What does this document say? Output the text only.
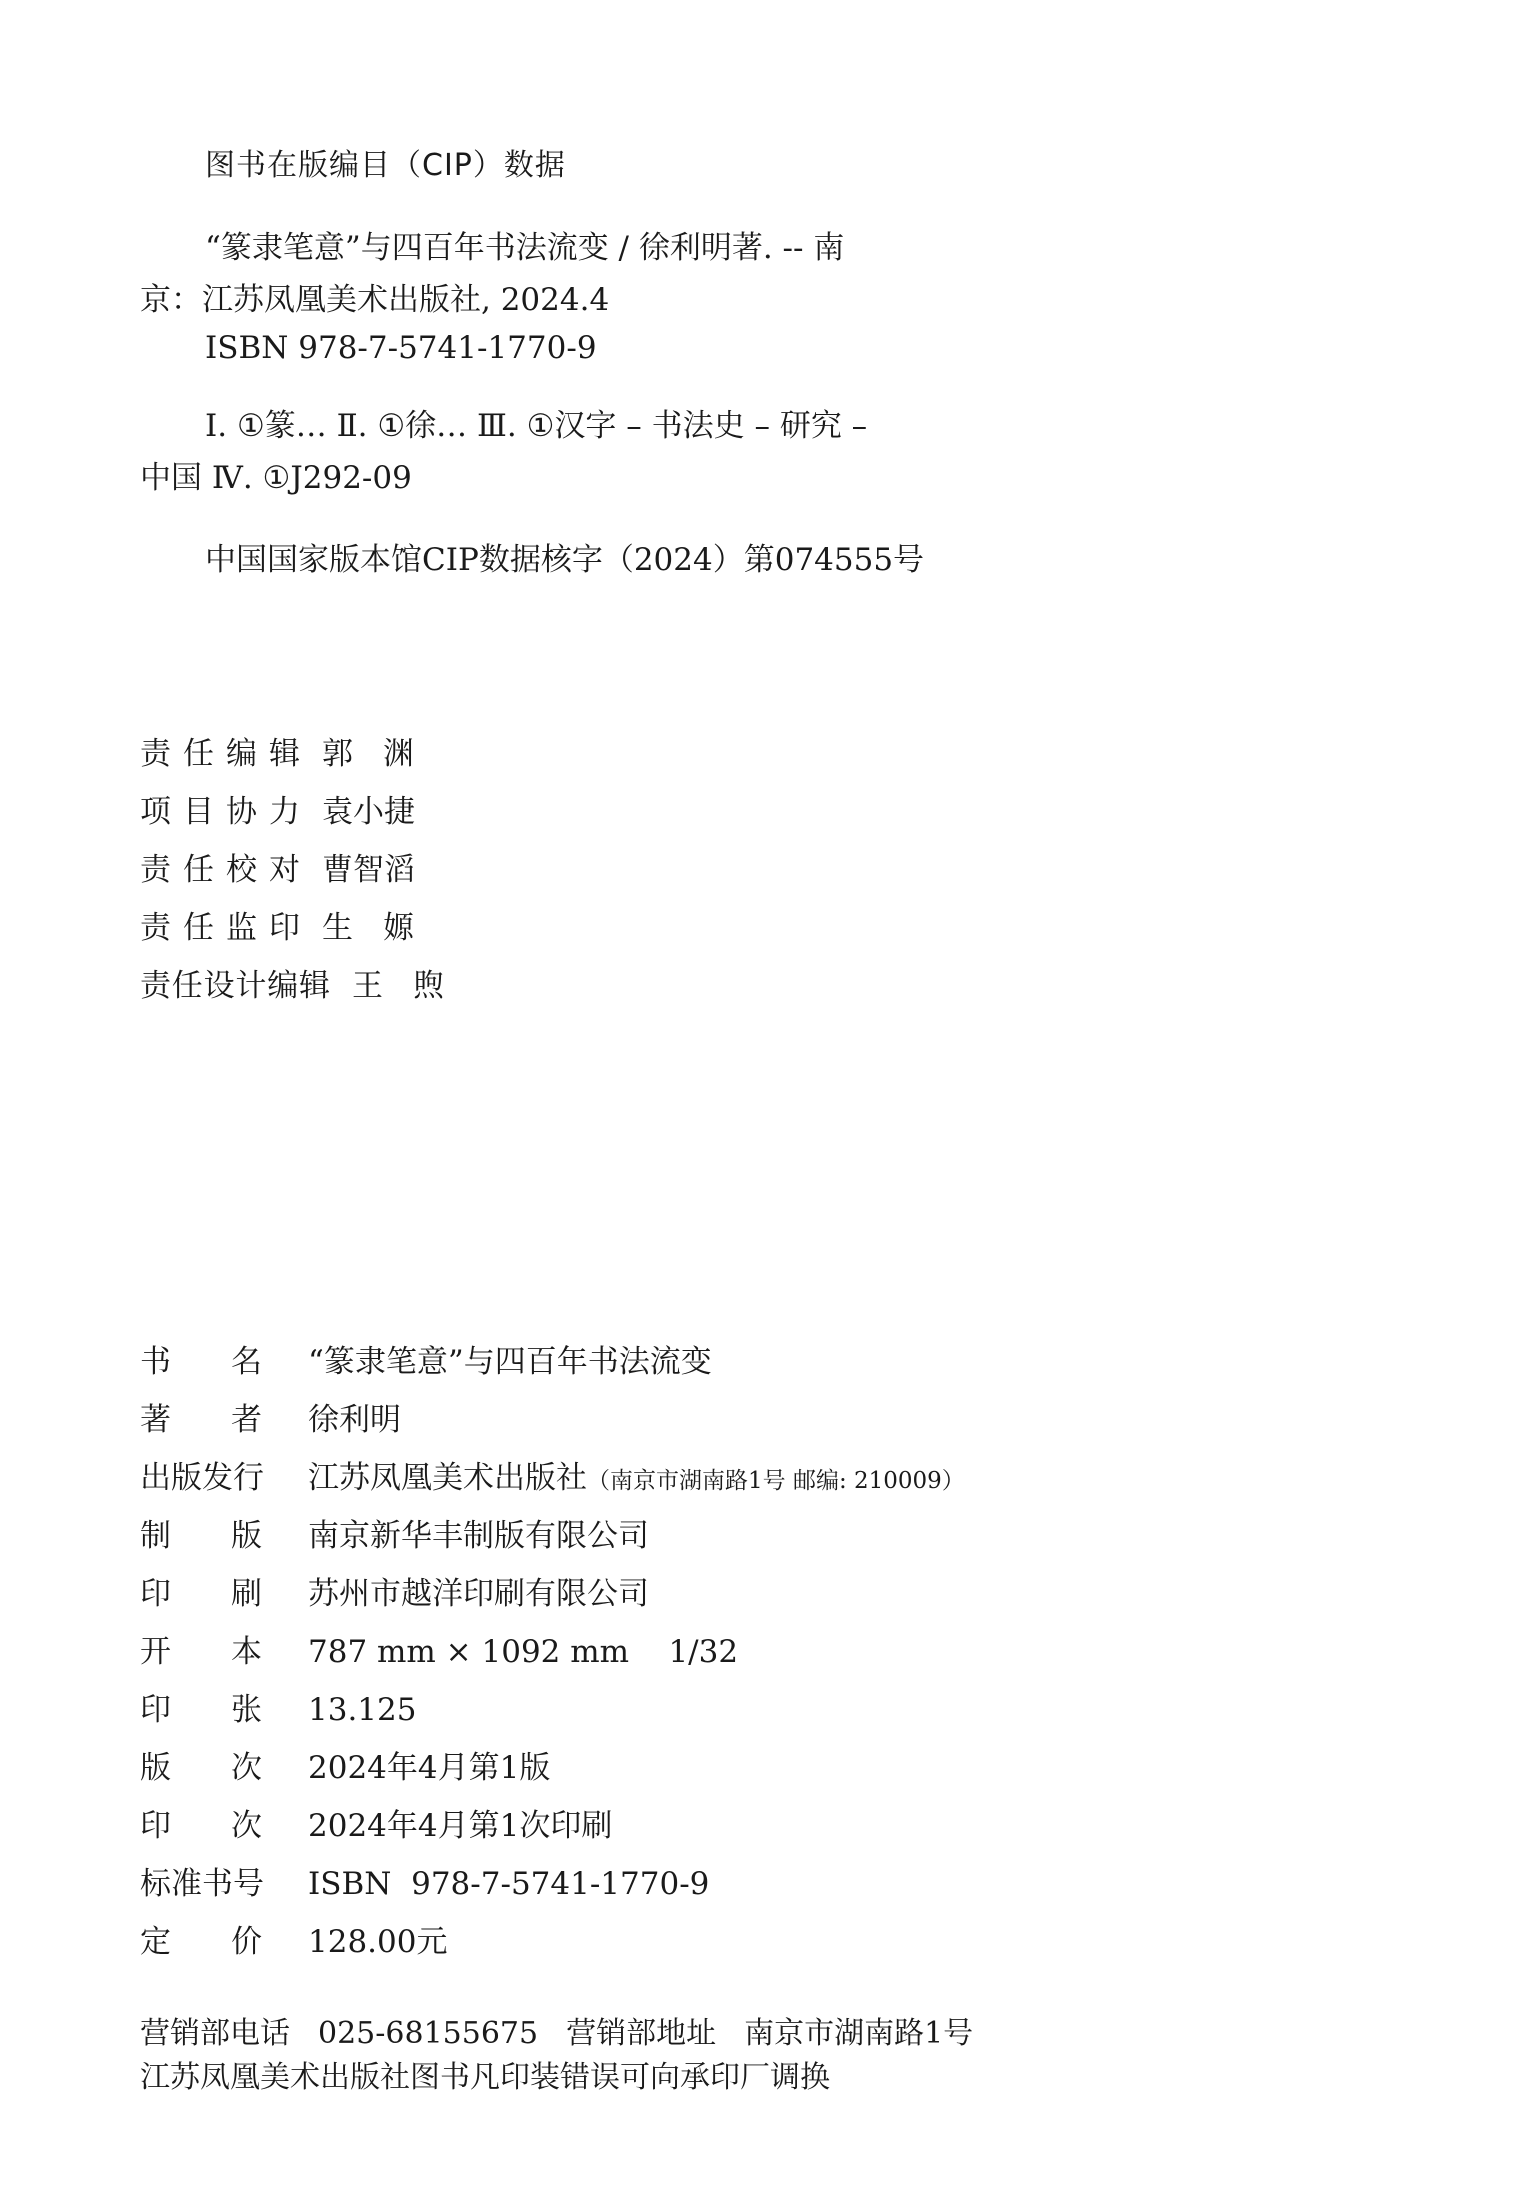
图书在版编目（CIP）数据
“篆隶笔意”与四百年书法流变 / 徐利明著. -- 南
京：江苏凤凰美术出版社, 2024.4
ISBN 978-7-5741-1770-9
Ⅰ. ①篆… Ⅱ. ①徐… Ⅲ. ①汉字 – 书法史 – 研究 –
中国 Ⅳ. ①J292-09
中国国家版本馆CIP数据核字（2024）第074555号
责任编辑 郭渊
项目协力 袁小捷
责任校对 曹智滔
责任监印 生嫄
责任设计编辑 王煦
书名 “篆隶笔意”与四百年书法流变
著者 徐利明
出版发行 江苏凤凰美术出版社（南京市湖南路1号 邮编: 210009）
制版 南京新华丰制版有限公司
印刷 苏州市越洋印刷有限公司
开本 787 mm × 1092 mm    1/32
印张 13.125
版次 2024年4月第1版
印次 2024年4月第1次印刷
标准书号 ISBN  978-7-5741-1770-9
定价 128.00元
营销部电话 025-68155675 营销部地址 南京市湖南路1号
江苏凤凰美术出版社图书凡印装错误可向承印厂调换
